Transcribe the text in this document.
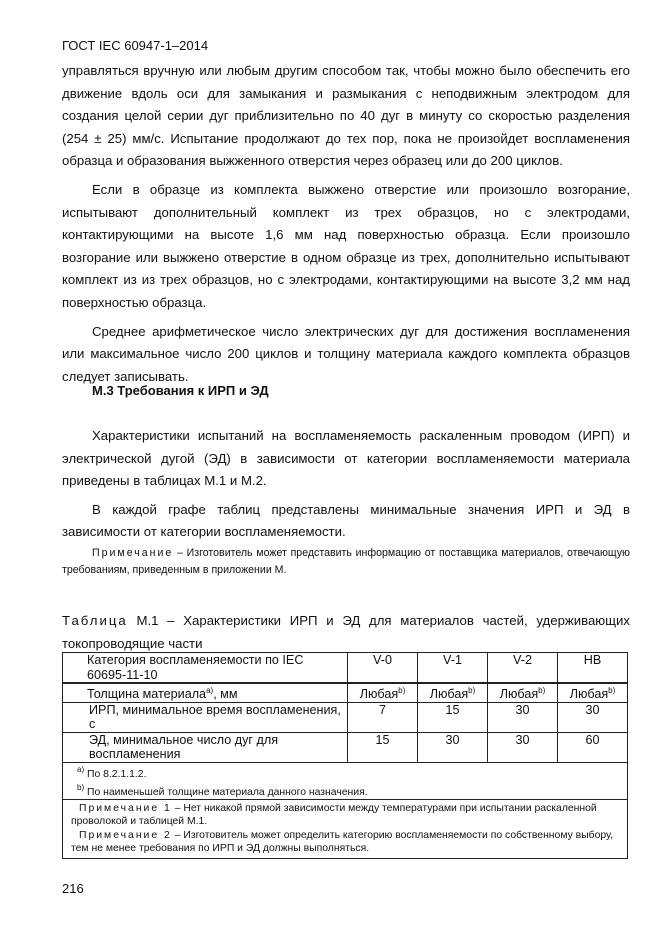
ГОСТ IEC 60947-1–2014

управляться вручную или любым другим способом так, чтобы можно было обеспечить его движение вдоль оси для замыкания и размыкания с неподвижным электродом для создания целой серии дуг приблизительно по 40 дуг в минуту со скоростью разделения (254 ± 25) мм/с. Испытание продолжают до тех пор, пока не произойдет воспламенения образца и образования выжженного отверстия через образец или до 200 циклов.

Если в образце из комплекта выжжено отверстие или произошло возгорание, испытывают дополнительный комплект из трех образцов, но с электродами, контактирующими на высоте 1,6 мм над поверхностью образца. Если произошло возгорание или выжжено отверстие в одном образце из трех, дополнительно испытывают комплект из из трех образцов, но с электродами, контактирующими на высоте 3,2 мм над поверхностью образца.

Среднее арифметическое число электрических дуг для достижения воспламенения или максимальное число 200 циклов и толщину материала каждого комплекта образцов следует записывать.

М.3 Требования к ИРП и ЭД

Характеристики испытаний на воспламеняемость раскаленным проводом (ИРП) и электрической дугой (ЭД) в зависимости от категории воспламеняемости материала приведены в таблицах М.1 и М.2.

В каждой графе таблиц представлены минимальные значения ИРП и ЭД в зависимости от категории воспламеняемости.

Примечание – Изготовитель может представить информацию от поставщика материалов, отвечающую требованиям, приведенным в приложении М.
Таблица М.1 – Характеристики ИРП и ЭД для материалов частей, удерживающих токопроводящие части
Категория воспламеняемости по IEC 60695-11-10	V-0	V-1	V-2	HB
Толщина материала$^{а)}$, мм	Любая$^{b)}$	Любая$^{b)}$	Любая$^{b)}$	Любая$^{b)}$
ИРП, минимальное время воспламенения, с	7	15	30	30
ЭД, минимальное число дуг для воспламенения	15	30	30	60

$^{а)}$ По 8.2.1.1.2.
$^{b)}$ По наименьшей толщине материала данного назначения.				

Примечание 1 – Нет никакой прямой зависимости между температурами при испытании раскаленной проволокой и таблицей М.1.
Примечание 2 – Изготовитель может определить категорию воспламеняемости по собственному выбору, тем не менее требования по ИРП и ЭД должны выполняться.				
216
